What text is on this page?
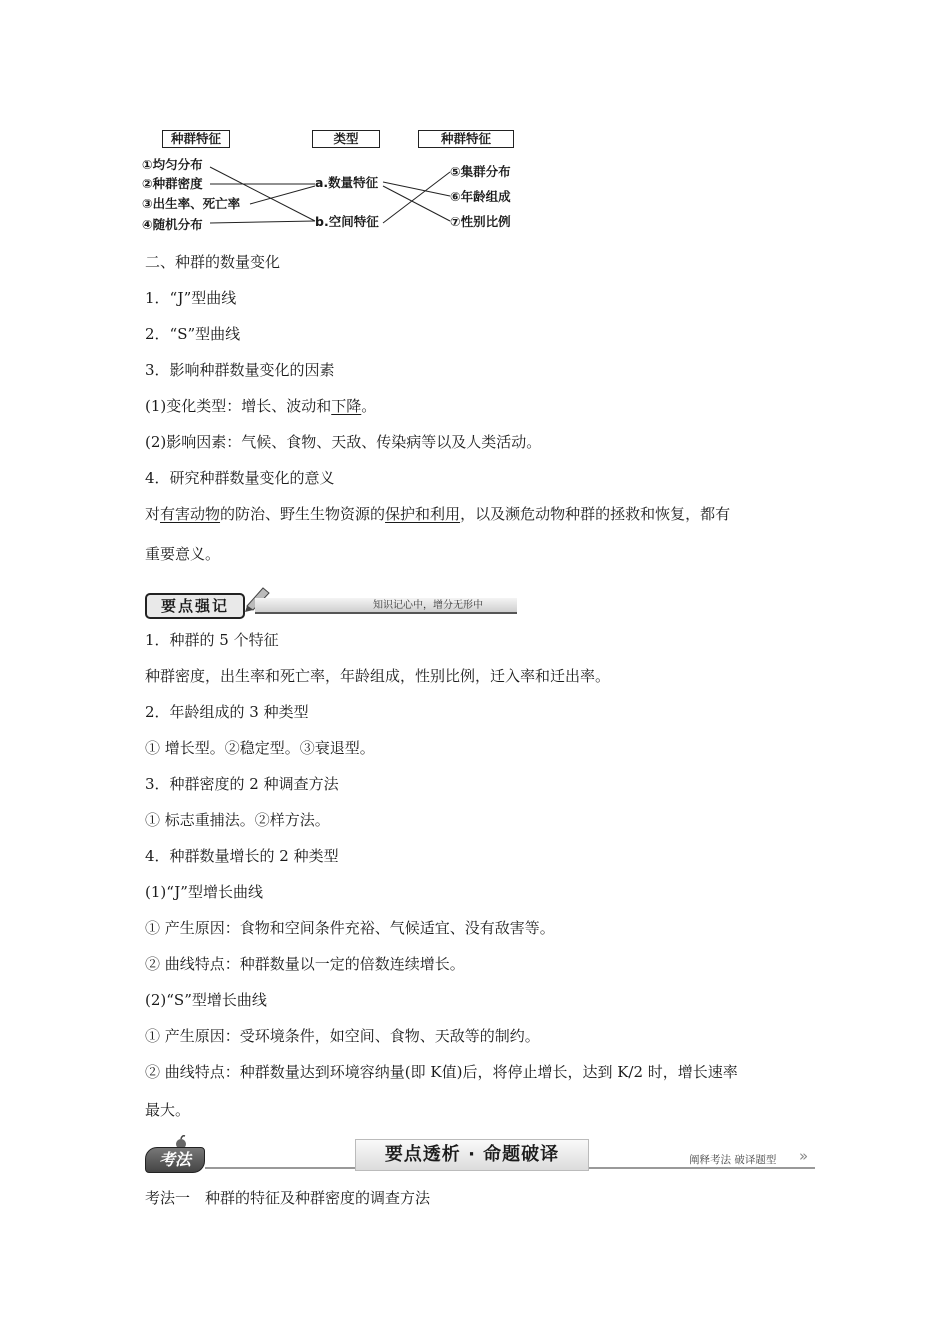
种群特征	类型	种群特征
①均匀分布
②种群密度
③出生率、死亡率
④随机分布
a.数量特征
b.空间特征
⑤集群分布
⑥年龄组成
⑦性别比例
二、种群的数量变化
1．“J”型曲线
2．“S”型曲线
3．影响种群数量变化的因素
(1)变化类型：增长、波动和下降。
(2)影响因素：气候、食物、天敌、传染病等以及人类活动。
4．研究种群数量变化的意义
对有害动物的防治、野生生物资源的保护和利用，以及濒危动物种群的拯救和恢复，都有
重要意义。
要点强记	知识记心中，增分无形中
1．种群的 5 个特征
种群密度，出生率和死亡率，年龄组成，性别比例，迁入率和迁出率。
2．年龄组成的 3 种类型
① 增长型。②稳定型。③衰退型。
3．种群密度的 2 种调查方法
① 标志重捕法。②样方法。
4．种群数量增长的 2 种类型
(1)“J”型增长曲线
① 产生原因：食物和空间条件充裕、气候适宜、没有敌害等。
② 曲线特点：种群数量以一定的倍数连续增长。
(2)“S”型增长曲线
① 产生原因：受环境条件，如空间、食物、天敌等的制约。
② 曲线特点：种群数量达到环境容纳量(即 K值)后，将停止增长，达到 K/2 时，增长速率
最大。
考法	要点透析 · 命题破译	阐释考法 破译题型 »
考法一　种群的特征及种群密度的调查方法
